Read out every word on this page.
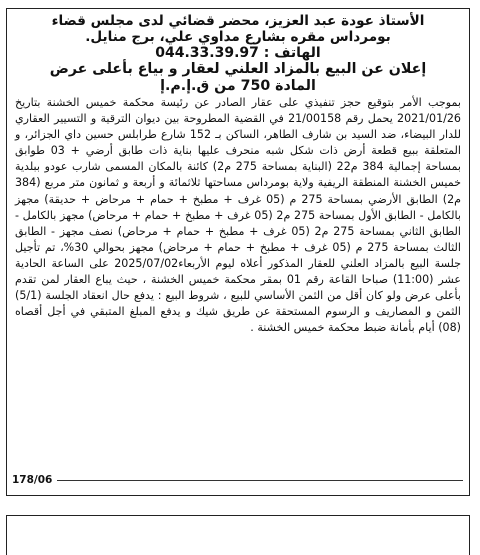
الأستاذ عودة عبد العزيز، محضر قضائي لدى مجلس قضاء
بومرداس مقره بشارع مداوي علي، برج منايل.
الهاتف : 044.33.39.97
إعلان عن البيع بالمزاد العلني لعقار و بياع بأعلى عرض
المادة 750 من ق.إ.م.إ
بموجب الأمر بتوقيع حجز تنفيذي على عقار الصادر عن رئيسة محكمة خميس الخشنة بتاريخ 2021/01/26 يحمل رقم 21/00158 في القضية المطروحة بين ديوان الترقية و التسيير العقاري للدار البيضاء، ضد السيد بن شارف الطاهر، الساكن بـ 152 شارع طرابلس حسين داي الجزائر، و المتعلقة ببيع قطعة أرض ذات شكل شبه منحرف عليها بناية ذات طابق أرضي + 03 طوابق بمساحة إجمالية 384 م22 (البناية بمساحة 275 م2) كائنة بالمكان المسمى شارب عودو ببلدية خميس الخشنة المنطقة الريفية ولاية بومرداس مساحتها ثلاثمائة و أربعة و ثمانون متر مربع (384 م2) الطابق الأرضي بمساحة 275 م (05 غرف + مطبخ + حمام + مرحاض + حديقة) مجهز بالكامل - الطابق الأول بمساحة 275 م2 (05 غرف + مطبخ + حمام + مرحاض) مجهز بالكامل - الطابق الثاني بمساحة 275 م2 (05 غرف + مطبخ + حمام + مرحاض) نصف مجهز - الطابق الثالث بمساحة 275 م (05 غرف + مطبخ + حمام + مرحاض) مجهز بحوالي 30%، تم تأجيل جلسة البيع بالمزاد العلني للعقار المذكور أعلاه ليوم الأربعاء2025/07/02 على الساعة الحادية عشر (11:00) صباحا القاعة رقم 01 بمقر محكمة خميس الخشنة ، حيث يباع العقار لمن تقدم بأعلى عرض ولو كان أقل من الثمن الأساسي للبيع ، شروط البيع : يدفع حال انعقاد الجلسة (5/1) الثمن و المصاريف و الرسوم المستحقة عن طريق شيك و يدفع المبلغ المتبقي في أجل أقصاه (08) أيام بأمانة ضبط محكمة خميس الخشنة .
178/06
